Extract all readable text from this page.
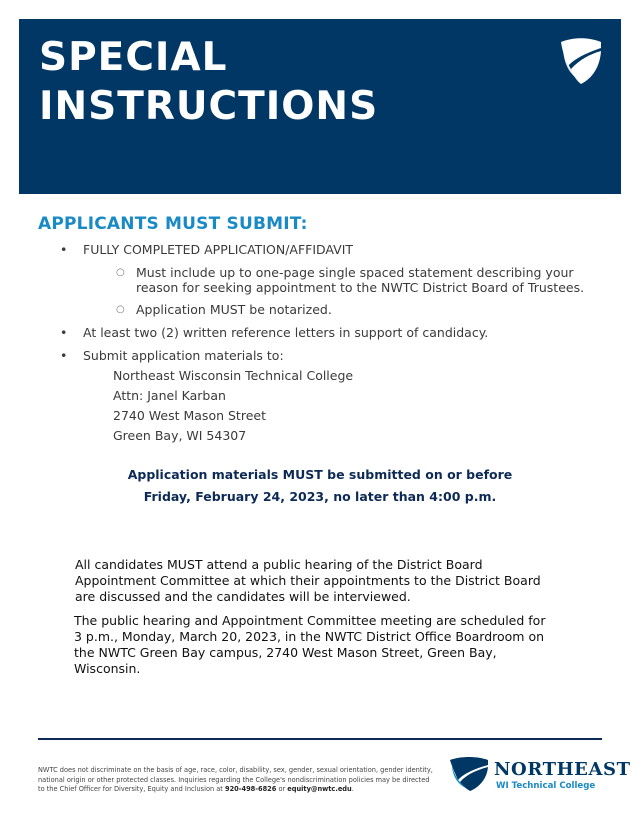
SPECIAL
INSTRUCTIONS
APPLICANTS MUST SUBMIT:
• FULLY COMPLETED APPLICATION/AFFIDAVIT
○ Must include up to one-page single spaced statement describing your reason for seeking appointment to the NWTC District Board of Trustees.
○ Application MUST be notarized.
• At least two (2) written reference letters in support of candidacy.
• Submit application materials to:
Northeast Wisconsin Technical College
Attn: Janel Karban
2740 West Mason Street
Green Bay, WI 54307
Application materials MUST be submitted on or before
Friday, February 24, 2023, no later than 4:00 p.m.
All candidates MUST attend a public hearing of the District Board Appointment Committee at which their appointments to the District Board are discussed and the candidates will be interviewed.
The public hearing and Appointment Committee meeting are scheduled for 3 p.m., Monday, March 20, 2023, in the NWTC District Office Boardroom on the NWTC Green Bay campus, 2740 West Mason Street, Green Bay, Wisconsin.
NWTC does not discriminate on the basis of age, race, color, disability, sex, gender, sexual orientation, gender identity, national origin or other protected classes. Inquiries regarding the College's nondiscrimination policies may be directed to the Chief Officer for Diversity, Equity and Inclusion at 920-498-6826 or equity@nwtc.edu.
NORTHEAST
WI Technical College
